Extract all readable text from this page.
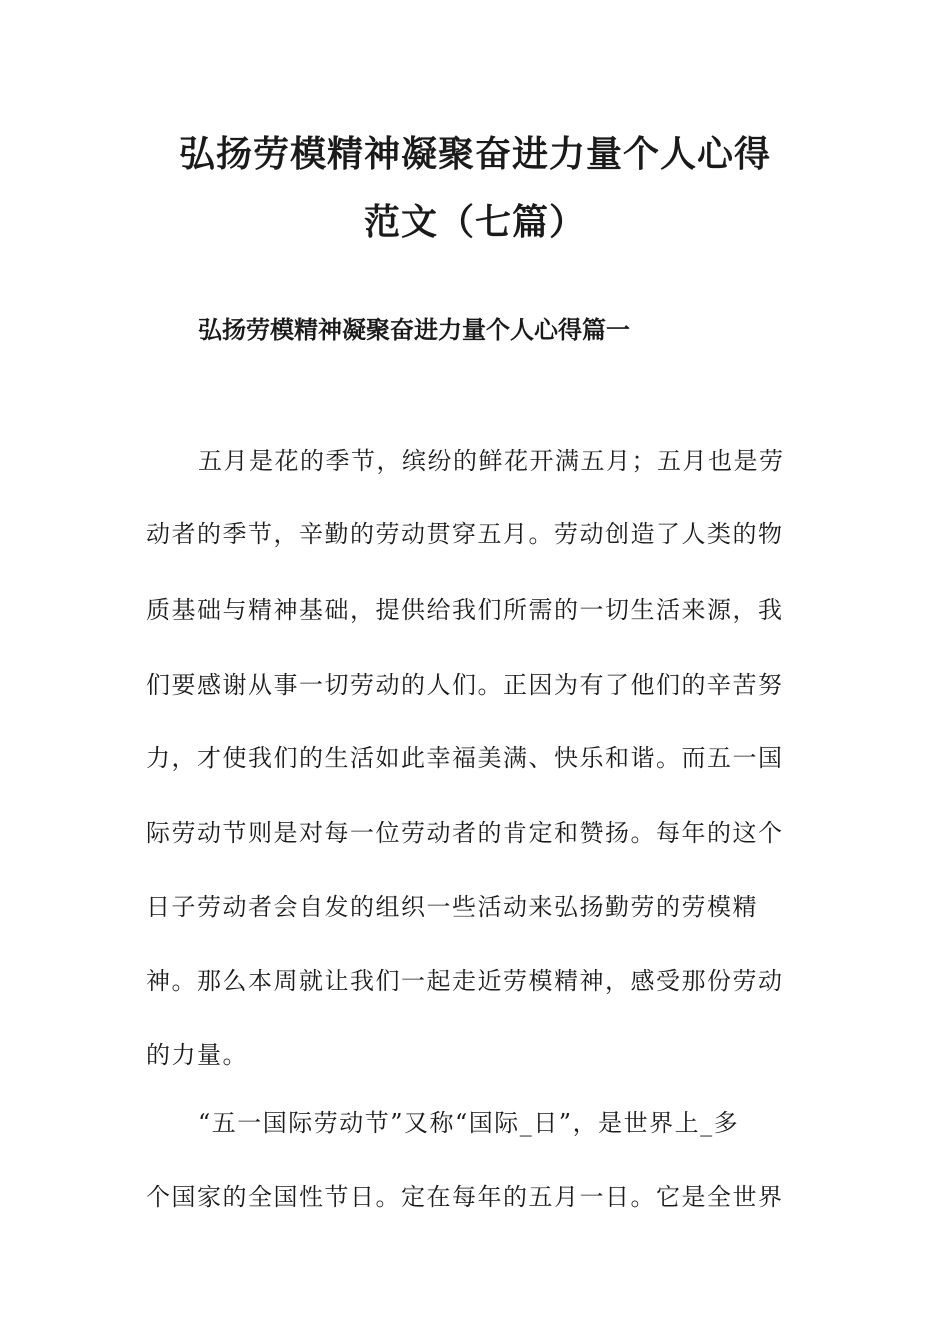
弘扬劳模精神凝聚奋进力量个人心得
范文（七篇）
弘扬劳模精神凝聚奋进力量个人心得篇一
五月是花的季节，缤纷的鲜花开满五月；五月也是劳
动者的季节，辛勤的劳动贯穿五月。劳动创造了人类的物
质基础与精神基础，提供给我们所需的一切生活来源，我
们要感谢从事一切劳动的人们。正因为有了他们的辛苦努
力，才使我们的生活如此幸福美满、快乐和谐。而五一国
际劳动节则是对每一位劳动者的肯定和赞扬。每年的这个
日子劳动者会自发的组织一些活动来弘扬勤劳的劳模精
神。那么本周就让我们一起走近劳模精神，感受那份劳动
的力量。
“五一国际劳动节”又称“国际_日”，是世界上_多
个国家的全国性节日。定在每年的五月一日。它是全世界
